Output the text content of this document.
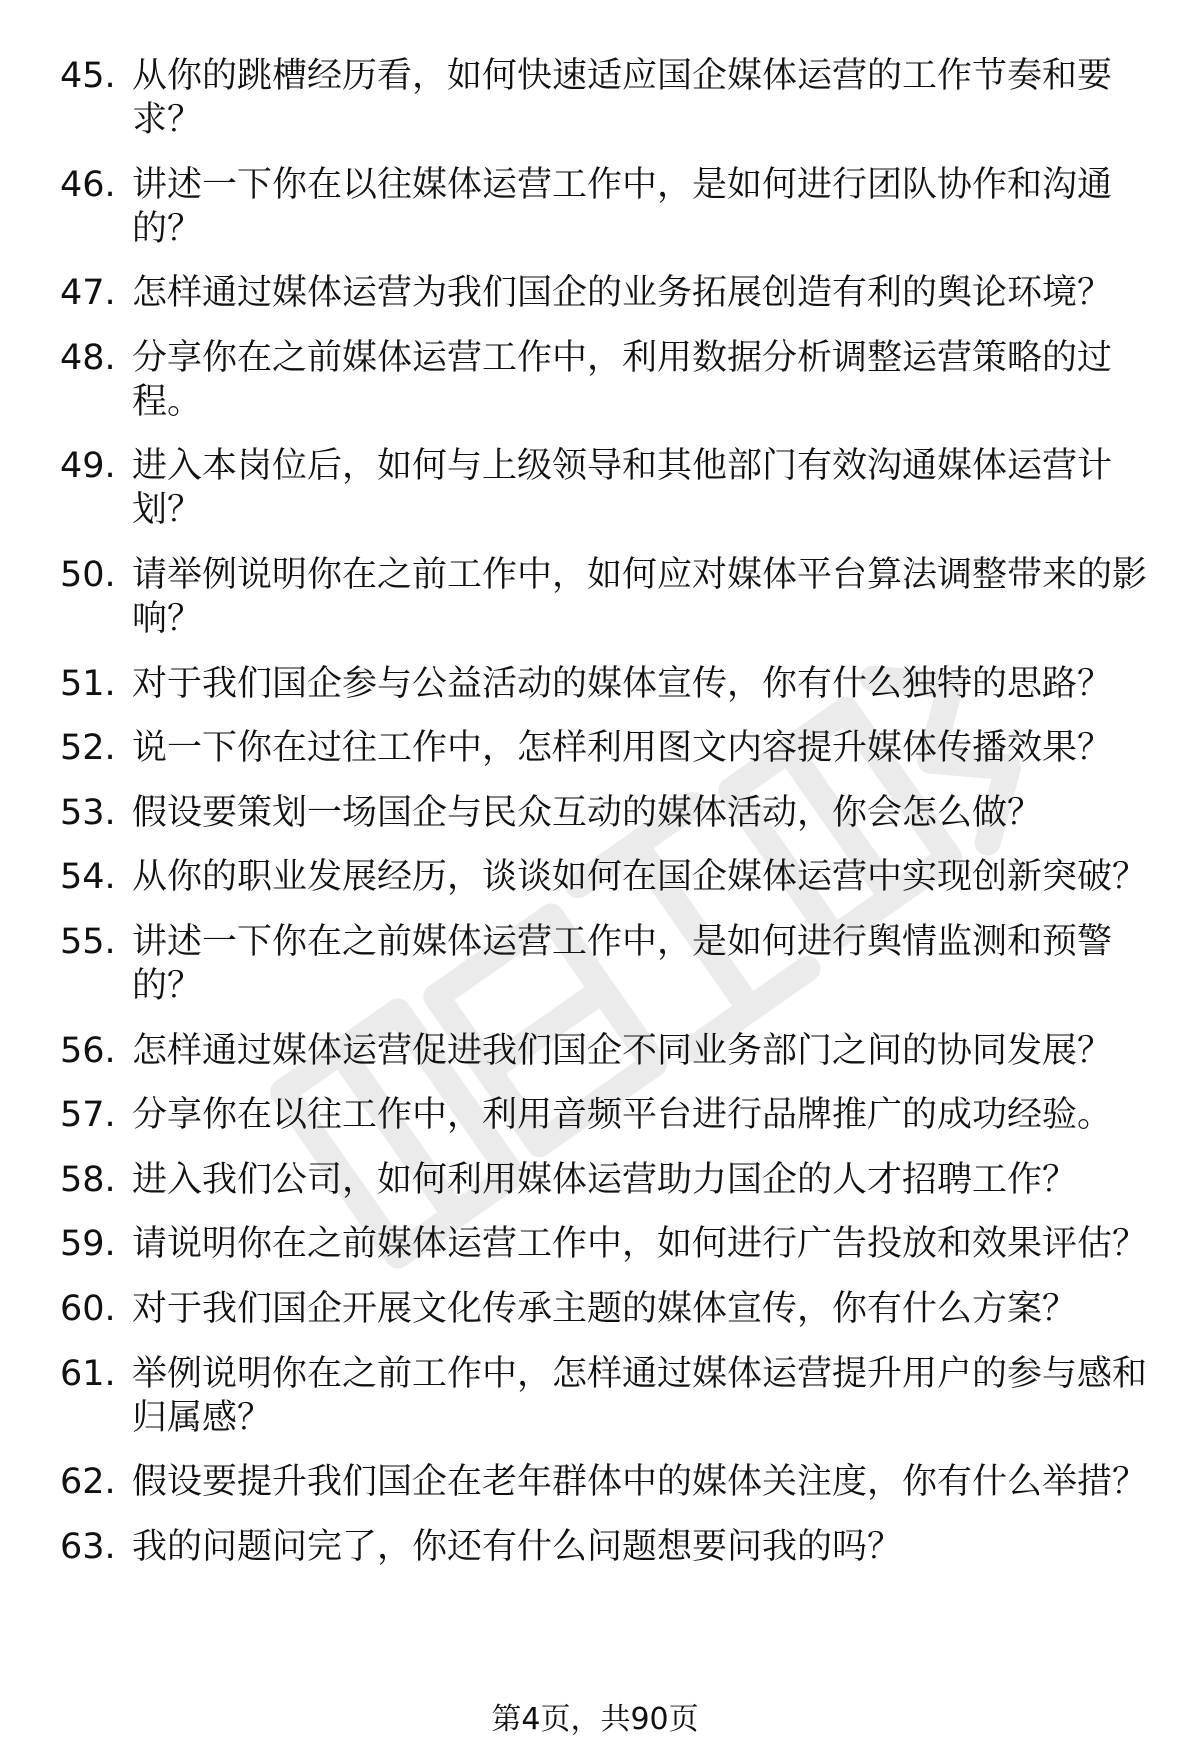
45. 从你的跳槽经历看，如何快速适应国企媒体运营的工作节奏和要求？
46. 讲述一下你在以往媒体运营工作中，是如何进行团队协作和沟通的？
47. 怎样通过媒体运营为我们国企的业务拓展创造有利的舆论环境？
48. 分享你在之前媒体运营工作中，利用数据分析调整运营策略的过程。
49. 进入本岗位后，如何与上级领导和其他部门有效沟通媒体运营计划？
50. 请举例说明你在之前工作中，如何应对媒体平台算法调整带来的影响？
51. 对于我们国企参与公益活动的媒体宣传，你有什么独特的思路？
52. 说一下你在过往工作中，怎样利用图文内容提升媒体传播效果？
53. 假设要策划一场国企与民众互动的媒体活动，你会怎么做？
54. 从你的职业发展经历，谈谈如何在国企媒体运营中实现创新突破？
55. 讲述一下你在之前媒体运营工作中，是如何进行舆情监测和预警的？
56. 怎样通过媒体运营促进我们国企不同业务部门之间的协同发展？
57. 分享你在以往工作中，利用音频平台进行品牌推广的成功经验。
58. 进入我们公司，如何利用媒体运营助力国企的人才招聘工作？
59. 请说明你在之前媒体运营工作中，如何进行广告投放和效果评估？
60. 对于我们国企开展文化传承主题的媒体宣传，你有什么方案？
61. 举例说明你在之前工作中，怎样通过媒体运营提升用户的参与感和归属感？
62. 假设要提升我们国企在老年群体中的媒体关注度，你有什么举措？
63. 我的问题问完了，你还有什么问题想要问我的吗？
第4页，共90页
